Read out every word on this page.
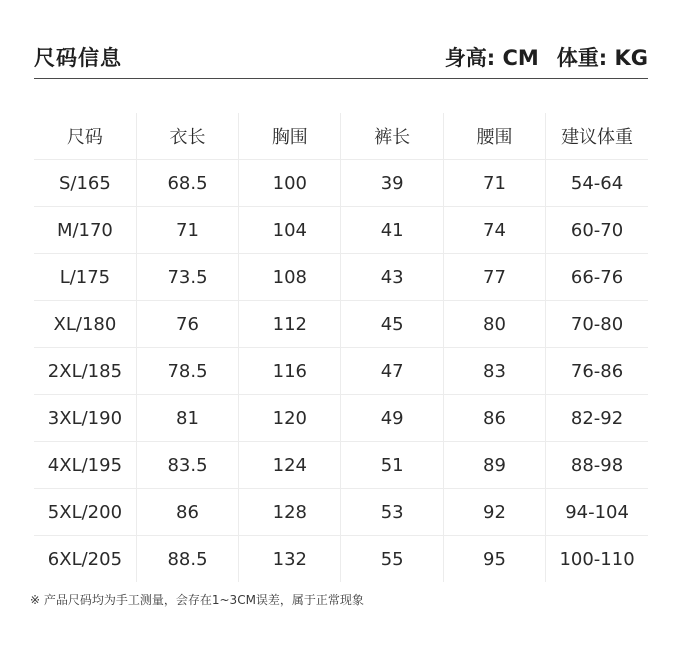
尺码信息	身高: CM 体重: KG
尺码	衣长	胸围	裤长	腰围	建议体重
S/165	68.5	100	39	71	54-64
M/170	71	104	41	74	60-70
L/175	73.5	108	43	77	66-76
XL/180	76	112	45	80	70-80
2XL/185	78.5	116	47	83	76-86
3XL/190	81	120	49	86	82-92
4XL/195	83.5	124	51	89	88-98
5XL/200	86	128	53	92	94-104
6XL/205	88.5	132	55	95	100-110
※ 产品尺码均为手工测量，会存在1~3CM误差，属于正常现象
